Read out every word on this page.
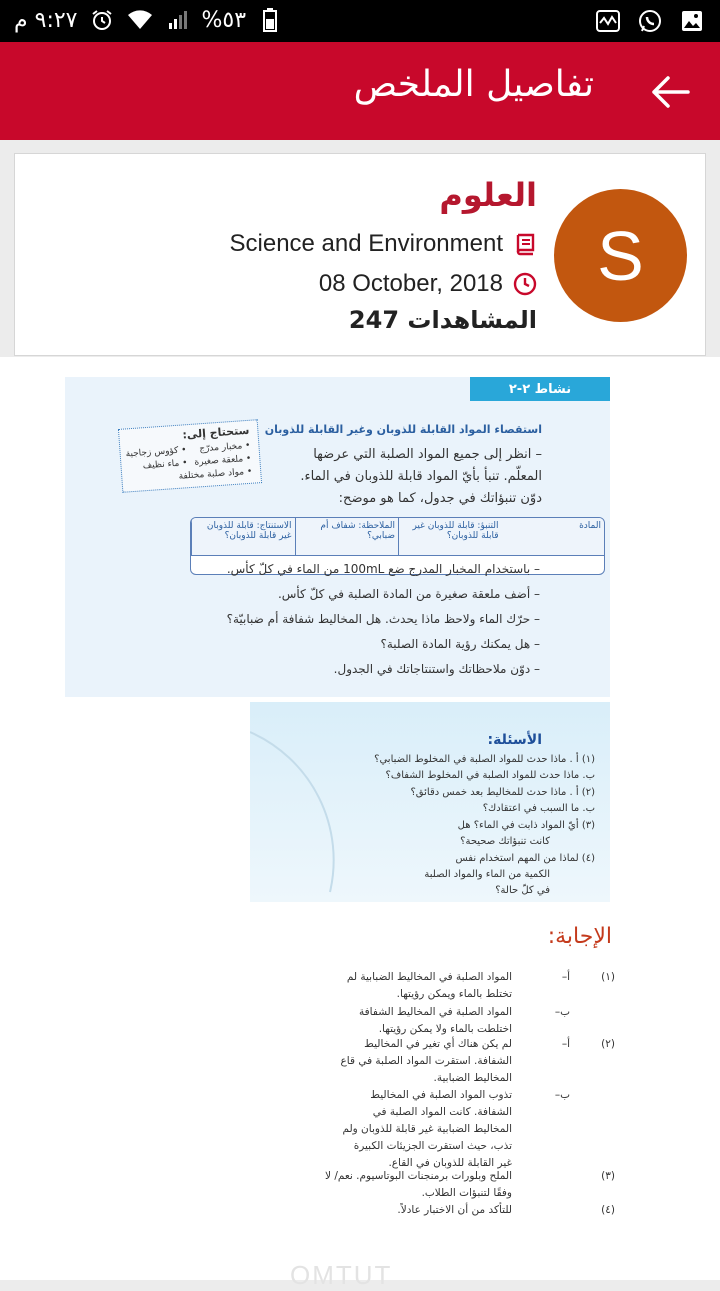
٩:٢٧ م	%٥٣
تفاصيل الملخص
S
العلوم
Science and Environment
08 October, 2018
المشاهدات 247
نشاط ٢-٢
استقصاء المواد القابلة للذوبان وغير القابلة للذوبان
– انظر إلى جميع المواد الصلبة التي عرضها
المعلّم. تنبأ بأيّ المواد قابلة للذوبان في الماء.
دوّن تنبؤاتك في جدول، كما هو موضح:
ستحتاج إلى:
• مخبار مدرّج
• كؤوس زجاجية
• ملعقة صغيرة
• ماء نظيف
• مواد صلبة مختلفة
المادة
التنبؤ: قابلة للذوبان غير قابلة للذوبان؟
الملاحظة: شفاف أم ضبابي؟
الاستنتاج: قابلة للذوبان غير قابلة للذوبان؟
– باستخدام المخبار المدرج ضع 100mL من الماء في كلّ كأس.
– أضف ملعقة صغيرة من المادة الصلبة في كلّ كأس.
– حرّك الماء ولاحظ ماذا يحدث. هل المخاليط شفافة أم ضبابيّة؟
– هل يمكنك رؤية المادة الصلبة؟
– دوّن ملاحظاتك واستنتاجاتك في الجدول.
الأسئلة:
(١) أ . ماذا حدث للمواد الصلبة في المخلوط الضبابي؟
ب. ماذا حدث للمواد الصلبة في المخلوط الشفاف؟
(٢) أ . ماذا حدث للمخاليط بعد خمس دقائق؟
ب. ما السبب في اعتقادك؟
(٣) أيّ المواد ذابت في الماء؟ هل
كانت تنبؤاتك صحيحة؟
(٤) لماذا من المهم استخدام نفس
الكمية من الماء والمواد الصلبة
في كلّ حالة؟
الإجابة:
(١)
أ–
المواد الصلبة في المخاليط الضبابية لم
تختلط بالماء ويمكن رؤيتها.
ب–
المواد الصلبة في المخاليط الشفافة
اختلطت بالماء ولا يمكن رؤيتها.
(٢)
أ–
لم يكن هناك أي تغير في المخاليط
الشفافة. استقرت المواد الصلبة في قاع
المخاليط الضبابية.
ب–
تذوب المواد الصلبة في المخاليط
الشفافة. كانت المواد الصلبة في
المخاليط الضبابية غير قابلة للذوبان ولم
تذب، حيث استقرت الجزيئات الكبيرة
غير القابلة للذوبان في القاع.
(٣)
الملح وبلورات برمنجنات البوتاسيوم. نعم/ لا
وفقًا لتنبؤات الطلاب.
(٤)
للتأكد من أن الاختبار عادلاً.
OMTUT
